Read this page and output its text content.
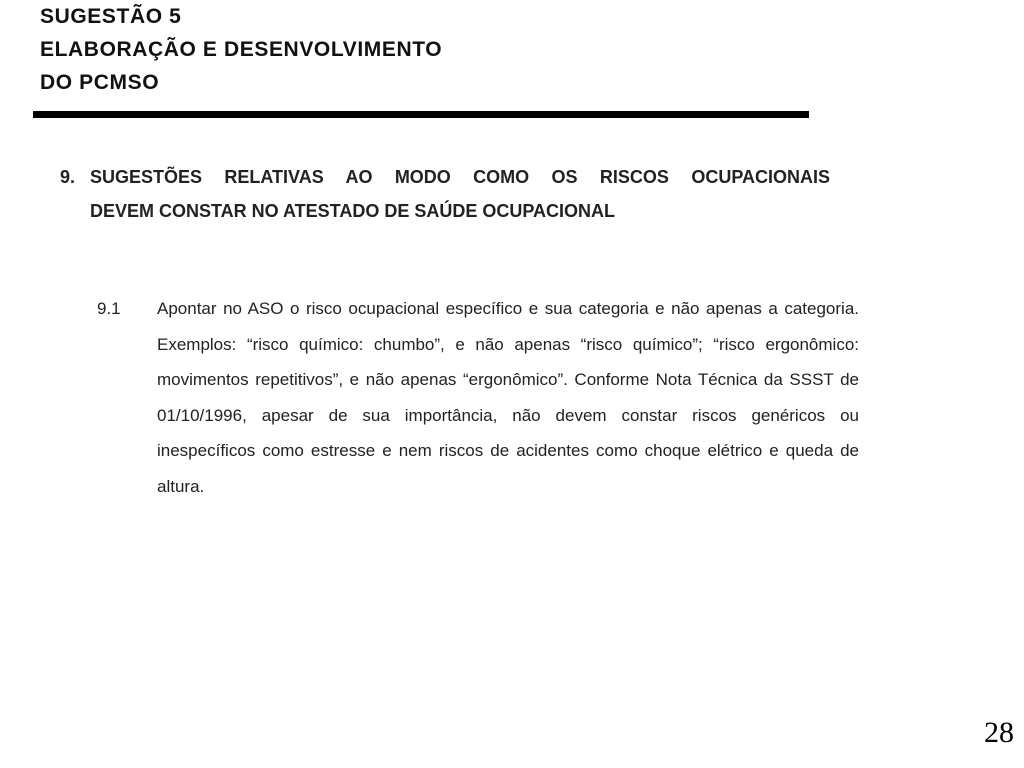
SUGESTÃO 5
ELABORAÇÃO E DESENVOLVIMENTO
DO PCMSO
9. SUGESTÕES RELATIVAS AO MODO COMO OS RISCOS OCUPACIONAIS
DEVEM CONSTAR NO ATESTADO DE SAÚDE OCUPACIONAL
9.1 Apontar no ASO o risco ocupacional específico e sua categoria e não apenas a categoria. Exemplos: “risco químico: chumbo”, e não apenas “risco químico”; “risco ergonômico: movimentos repetitivos”, e não apenas “ergonômico”. Conforme Nota Técnica da SSST de 01/10/1996, apesar de sua importância, não devem constar riscos genéricos ou inespecíficos como estresse e nem riscos de acidentes como choque elétrico e queda de altura.

28
